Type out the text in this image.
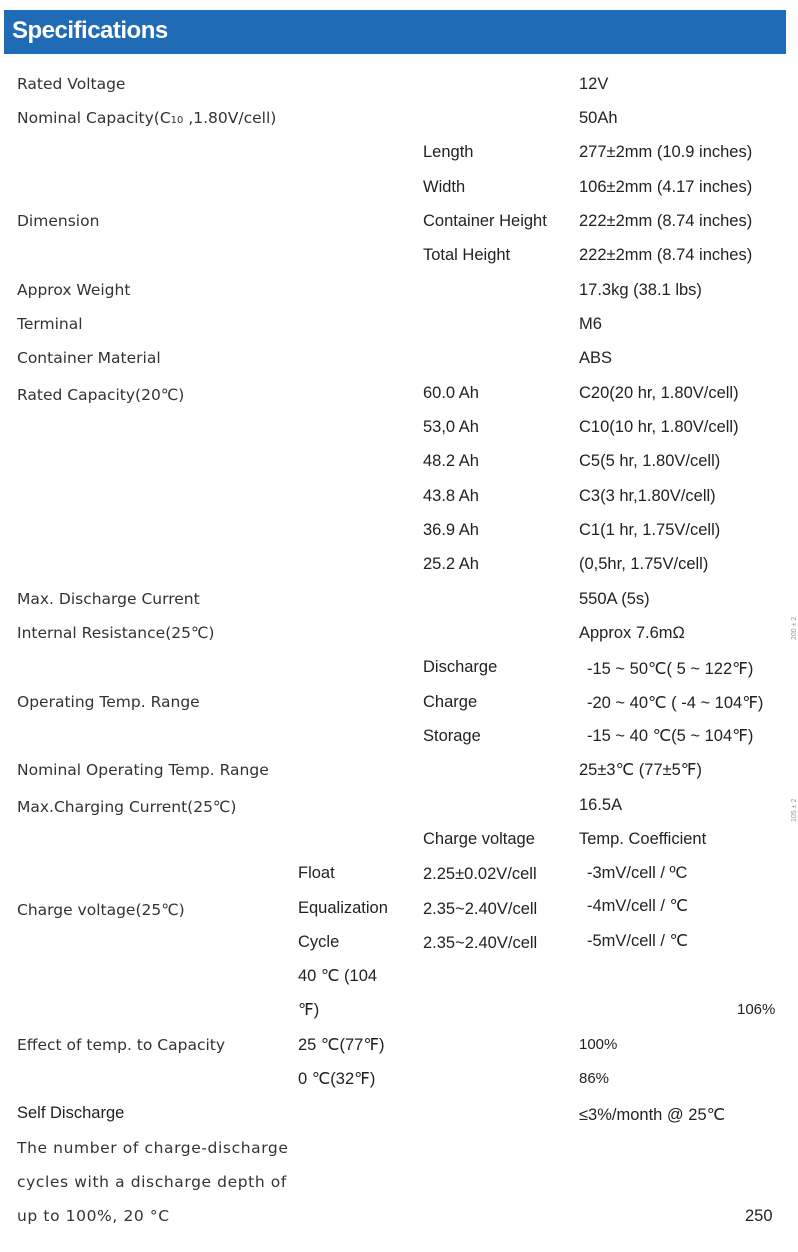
Specifications
Rated Voltage	12V
Nominal Capacity(C10 ,1.80V/cell)	50Ah
Dimension
Length	277±2mm (10.9 inches)
Width	106±2mm (4.17 inches)
Container Height 222±2mm (8.74 inches)
Total Height	222±2mm (8.74 inches)
Approx Weight	17.3kg (38.1 lbs)
Terminal	M6
Container Material	ABS
Rated Capacity(20℃)	60.0 Ah	C20(20 hr, 1.80V/cell)
53,0 Ah	C10(10 hr, 1.80V/cell)
48.2 Ah	C5(5 hr, 1.80V/cell)
43.8 Ah	C3(3 hr,1.80V/cell)
36.9 Ah	C1(1 hr, 1.75V/cell)
25.2 Ah	(0,5hr, 1.75V/cell)
Max. Discharge Current	550A (5s)
Internal Resistance(25℃)	Approx 7.6mΩ
Operating Temp. Range
Discharge	-15 ~ 50℃( 5 ~ 122℉)
Charge	-20 ~ 40℃ ( -4 ~ 104℉)
Storage	-15 ~ 40 ℃(5 ~ 104℉)
Nominal Operating Temp. Range	25±3℃ (77±5℉)
Max.Charging Current(25℃)	16.5A
Charge voltage	Temp. Coefficient
Charge voltage(25℃)
Float	2.25±0.02V/cell	-3mV/cell / ºC
Equalization 2.35~2.40V/cell	-4mV/cell / ℃
Cycle	2.35~2.40V/cell	-5mV/cell / ℃
40 ℃ (104
℉)	106%
Effect of temp. to Capacity	25 ℃(77℉)	100%
0 ℃(32℉)	86%
Self Discharge	≤3%/month @ 25℃
The number of charge-discharge
cycles with a discharge depth of
up to 100%, 20 °C	250
200 ± 2
105 ± 2
